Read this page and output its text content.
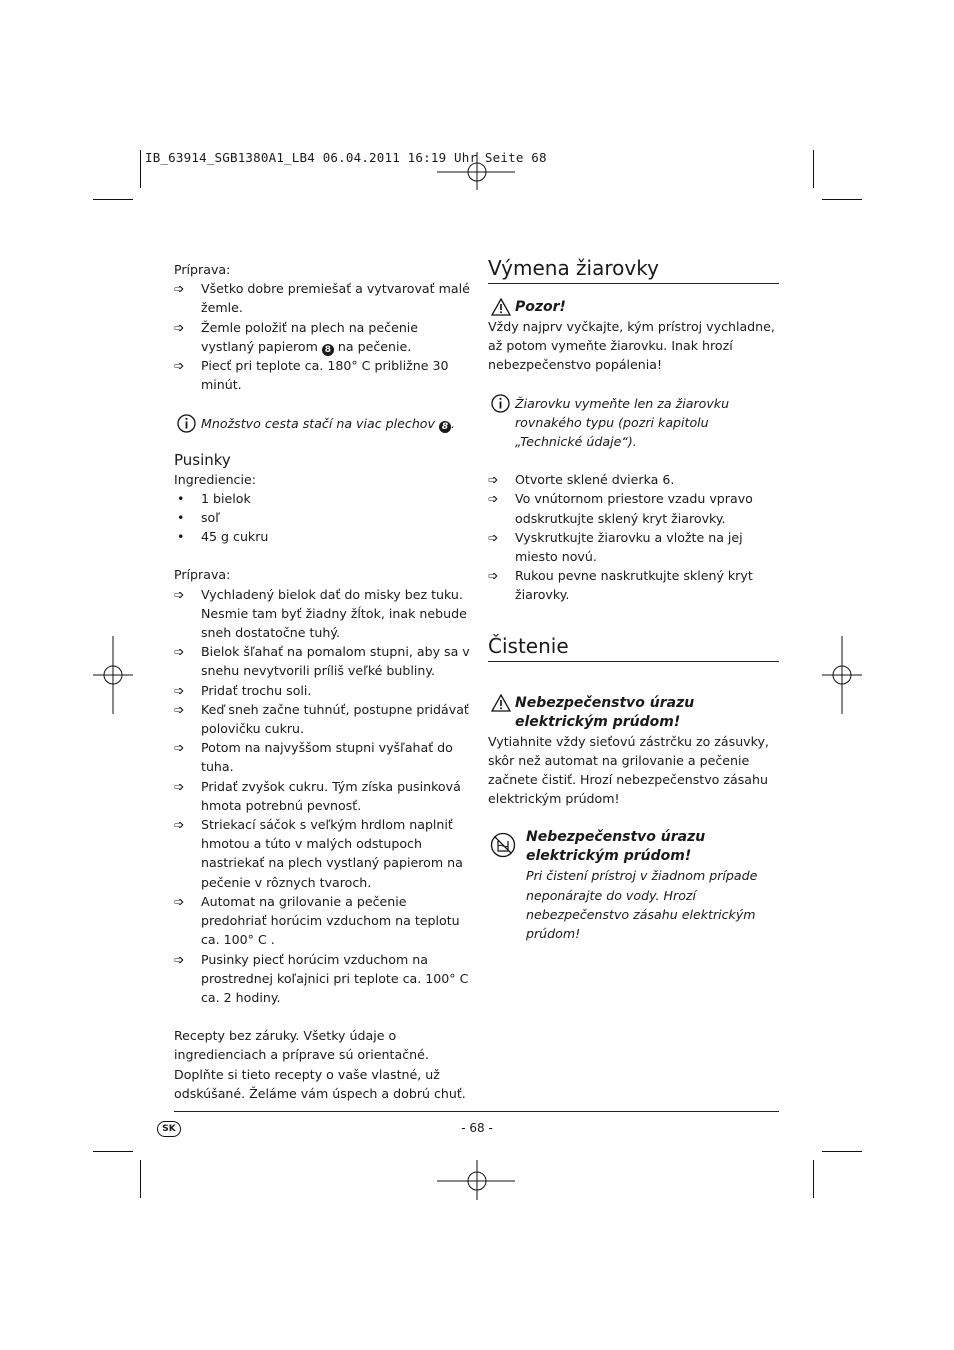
IB_63914_SGB1380A1_LB4 06.04.2011 16:19 Uhr Seite 68

Príprava:

➩	Všetko dobre premiešať a vytvarovať malé žemle.
➩	Žemle položiť na plech na pečenie vystlaný papierom 8 na pečenie.
➩	Piecť pri teplote ca. 180° C približne 30 minút.
Množstvo cesta stačí na viac plechov 8 .

Pusinky

Ingrediencie:

• 1 bielok
• soľ
• 45 g cukru

Príprava:

➩	Vychladený bielok dať do misky bez tuku. Nesmie tam byť žiadny žĺtok, inak nebude sneh dostatočne tuhý.
➩	Bielok šľahať na pomalom stupni, aby sa v snehu nevytvorili príliš veľké bubliny.
➩	Pridať trochu soli.
➩	Keď sneh začne tuhnúť, postupne pridávať polovičku cukru.
➩	Potom na najvyššom stupni vyšľahať do tuha.
➩	Pridať zvyšok cukru. Tým získa pusinková hmota potrebnú pevnosť.
➩	Striekací sáčok s veľkým hrdlom naplniť hmotou a túto v malých odstupoch nastriekať na plech vystlaný papierom na pečenie v rôznych tvaroch.
➩	Automat na grilovanie a pečenie predohriať horúcim vzduchom na teplotu ca. 100° C .
➩	Pusinky piecť horúcim vzduchom na prostrednej koľajnici pri teplote ca. 100° C ca. 2 hodiny.

Recepty bez záruky. Všetky údaje o ingredienciach a príprave sú orientačné. Doplňte si tieto recepty o vaše vlastné, už odskúšané. Želáme vám úspech a dobrú chuť.

Výmena žiarovky
Pozor!

Vždy najprv vyčkajte, kým prístroj vychladne, až potom vymeňte žiarovku. Inak hrozí nebezpečenstvo popálenia!

Žiarovku vymeňte len za žiarovku rovnakého typu (pozri kapitolu „Technické údaje“).
➩	Otvorte sklené dvierka 6.
➩	Vo vnútornom priestore vzadu vpravo odskrutkujte sklený kryt žiarovky.
➩	Vyskrutkujte žiarovku a vložte na jej miesto novú.
➩	Rukou pevne naskrutkujte sklený kryt žiarovky.
Čistenie
Nebezpečenstvo úrazu elektrickým prúdom!

Vytiahnite vždy sieťovú zástrčku zo zásuvky, skôr než automat na grilovanie a pečenie začnete čistiť. Hrozí nebezpečenstvo zásahu elektrickým prúdom!

Nebezpečenstvo úrazu elektrickým prúdom!

Pri čistení prístroj v žiadnom prípade neponárajte do vody. Hrozí nebezpečenstvo zásahu elektrickým prúdom!

SK	- 68 -
